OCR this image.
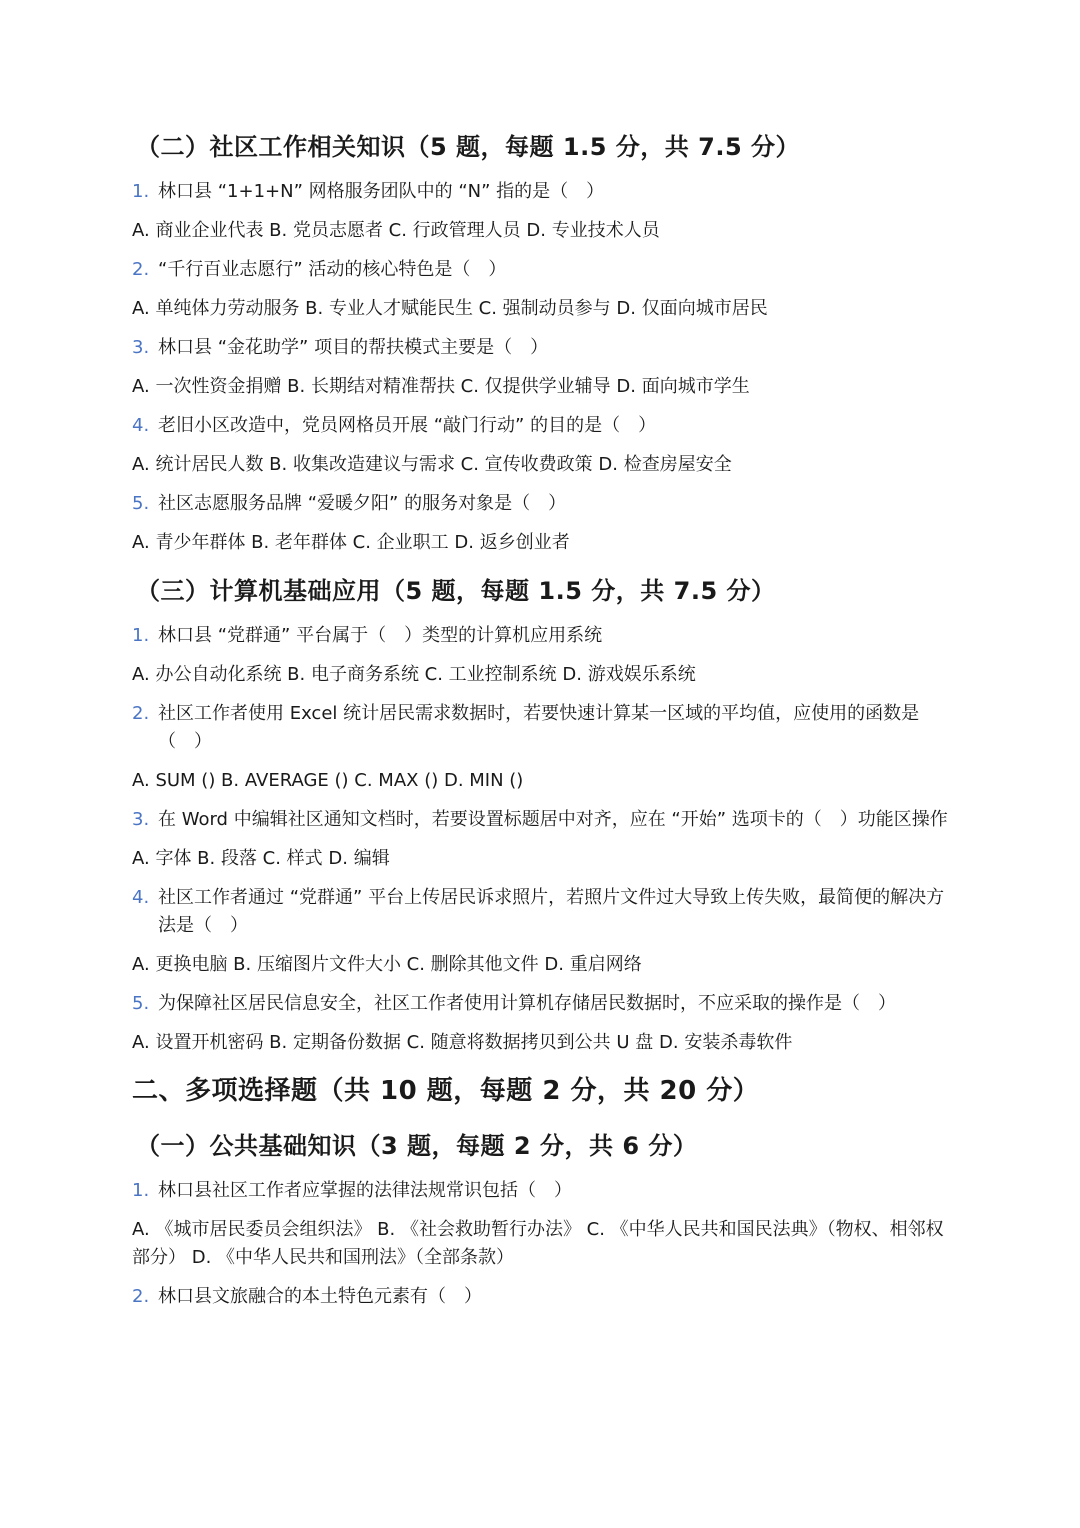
（二）社区工作相关知识（5 题，每题 1.5 分，共 7.5 分）
1. 林口县 “1+1+N” 网格服务团队中的 “N” 指的是（　）
A. 商业企业代表 B. 党员志愿者 C. 行政管理人员 D. 专业技术人员
2. “千行百业志愿行” 活动的核心特色是（　）
A. 单纯体力劳动服务 B. 专业人才赋能民生 C. 强制动员参与 D. 仅面向城市居民
3. 林口县 “金花助学” 项目的帮扶模式主要是（　）
A. 一次性资金捐赠 B. 长期结对精准帮扶 C. 仅提供学业辅导 D. 面向城市学生
4. 老旧小区改造中，党员网格员开展 “敲门行动” 的目的是（　）
A. 统计居民人数 B. 收集改造建议与需求 C. 宣传收费政策 D. 检查房屋安全
5. 社区志愿服务品牌 “爱暖夕阳” 的服务对象是（　）
A. 青少年群体 B. 老年群体 C. 企业职工 D. 返乡创业者
（三）计算机基础应用（5 题，每题 1.5 分，共 7.5 分）
1. 林口县 “党群通” 平台属于（　）类型的计算机应用系统
A. 办公自动化系统 B. 电子商务系统 C. 工业控制系统 D. 游戏娱乐系统
2. 社区工作者使用 Excel 统计居民需求数据时，若要快速计算某一区域的平均值，应使用的函数是（　）
A. SUM () B. AVERAGE () C. MAX () D. MIN ()
3. 在 Word 中编辑社区通知文档时，若要设置标题居中对齐，应在 “开始” 选项卡的（　）功能区操作
A. 字体 B. 段落 C. 样式 D. 编辑
4. 社区工作者通过 “党群通” 平台上传居民诉求照片，若照片文件过大导致上传失败，最简便的解决方法是（　）
A. 更换电脑 B. 压缩图片文件大小 C. 删除其他文件 D. 重启网络
5. 为保障社区居民信息安全，社区工作者使用计算机存储居民数据时，不应采取的操作是（　）
A. 设置开机密码 B. 定期备份数据 C. 随意将数据拷贝到公共 U 盘 D. 安装杀毒软件
二、多项选择题（共 10 题，每题 2 分，共 20 分）
（一）公共基础知识（3 题，每题 2 分，共 6 分）
1. 林口县社区工作者应掌握的法律法规常识包括（　）
A. 《城市居民委员会组织法》 B. 《社会救助暂行办法》 C. 《中华人民共和国民法典》（物权、相邻权部分） D. 《中华人民共和国刑法》（全部条款）
2. 林口县文旅融合的本土特色元素有（　）
